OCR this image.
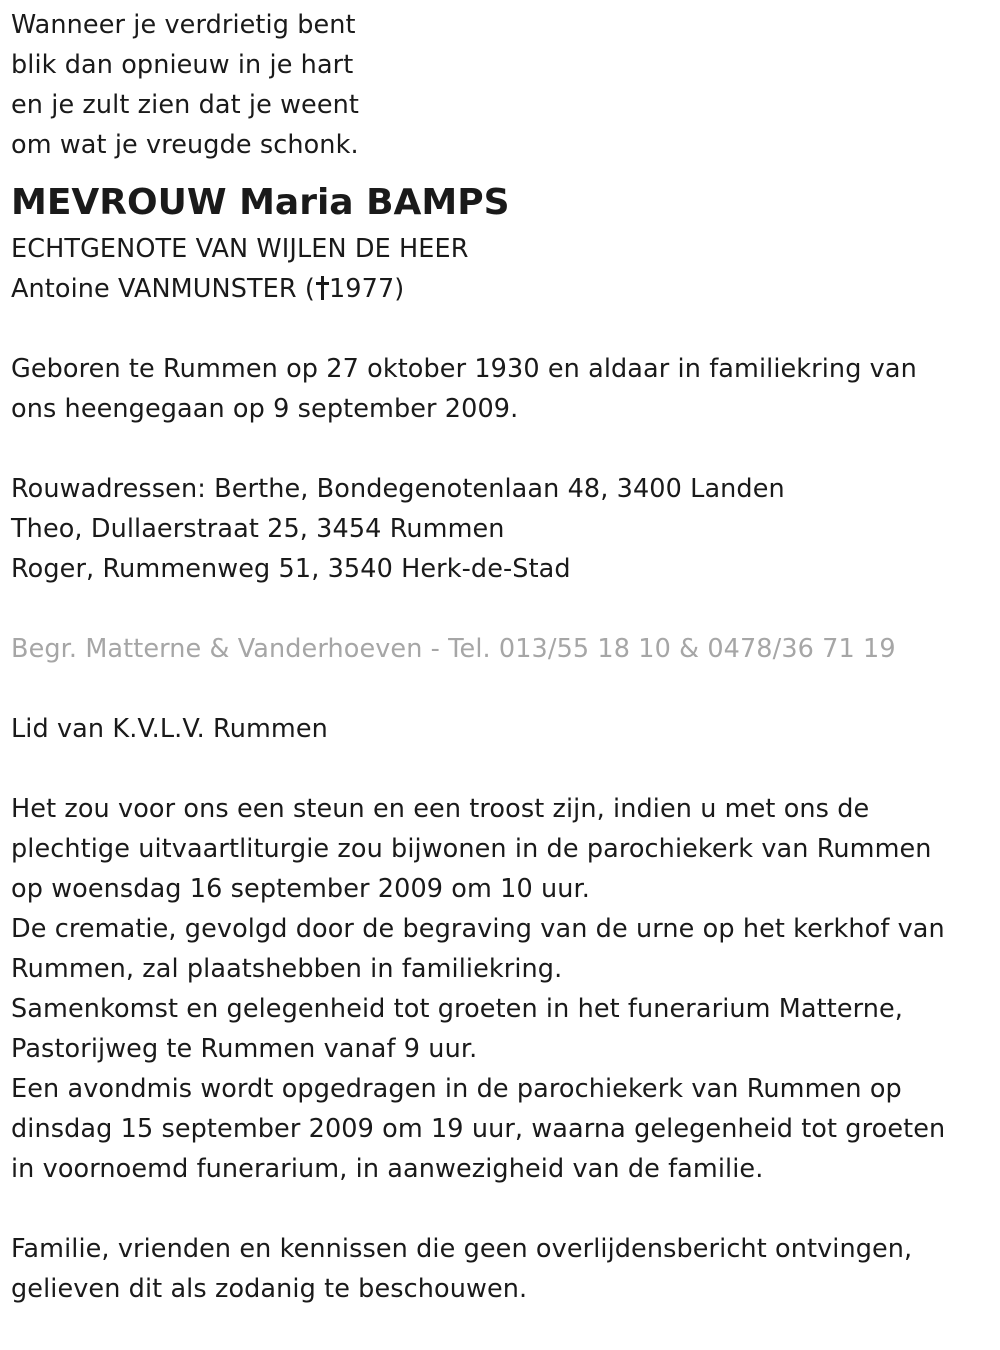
Wanneer je verdrietig bent
blik dan opnieuw in je hart
en je zult zien dat je weent
om wat je vreugde schonk.
MEVROUW Maria BAMPS
ECHTGENOTE VAN WIJLEN DE HEER
Antoine VANMUNSTER ( 1977)
Geboren te Rummen op 27 oktober 1930 en aldaar in familiekring van
ons heengegaan op 9 september 2009.
Rouwadressen: Berthe, Bondegenotenlaan 48, 3400 Landen
Theo, Dullaerstraat 25, 3454 Rummen
Roger, Rummenweg 51, 3540 Herk-de-Stad
Begr. Matterne & Vanderhoeven - Tel. 013/55 18 10 & 0478/36 71 19
Lid van K.V.L.V. Rummen
Het zou voor ons een steun en een troost zijn, indien u met ons de
plechtige uitvaartliturgie zou bijwonen in de parochiekerk van Rummen
op woensdag 16 september 2009 om 10 uur.
De crematie, gevolgd door de begraving van de urne op het kerkhof van
Rummen, zal plaatshebben in familiekring.
Samenkomst en gelegenheid tot groeten in het funerarium Matterne,
Pastorijweg te Rummen vanaf 9 uur.
Een avondmis wordt opgedragen in de parochiekerk van Rummen op
dinsdag 15 september 2009 om 19 uur, waarna gelegenheid tot groeten
in voornoemd funerarium, in aanwezigheid van de familie.
Familie, vrienden en kennissen die geen overlijdensbericht ontvingen,
gelieven dit als zodanig te beschouwen.
